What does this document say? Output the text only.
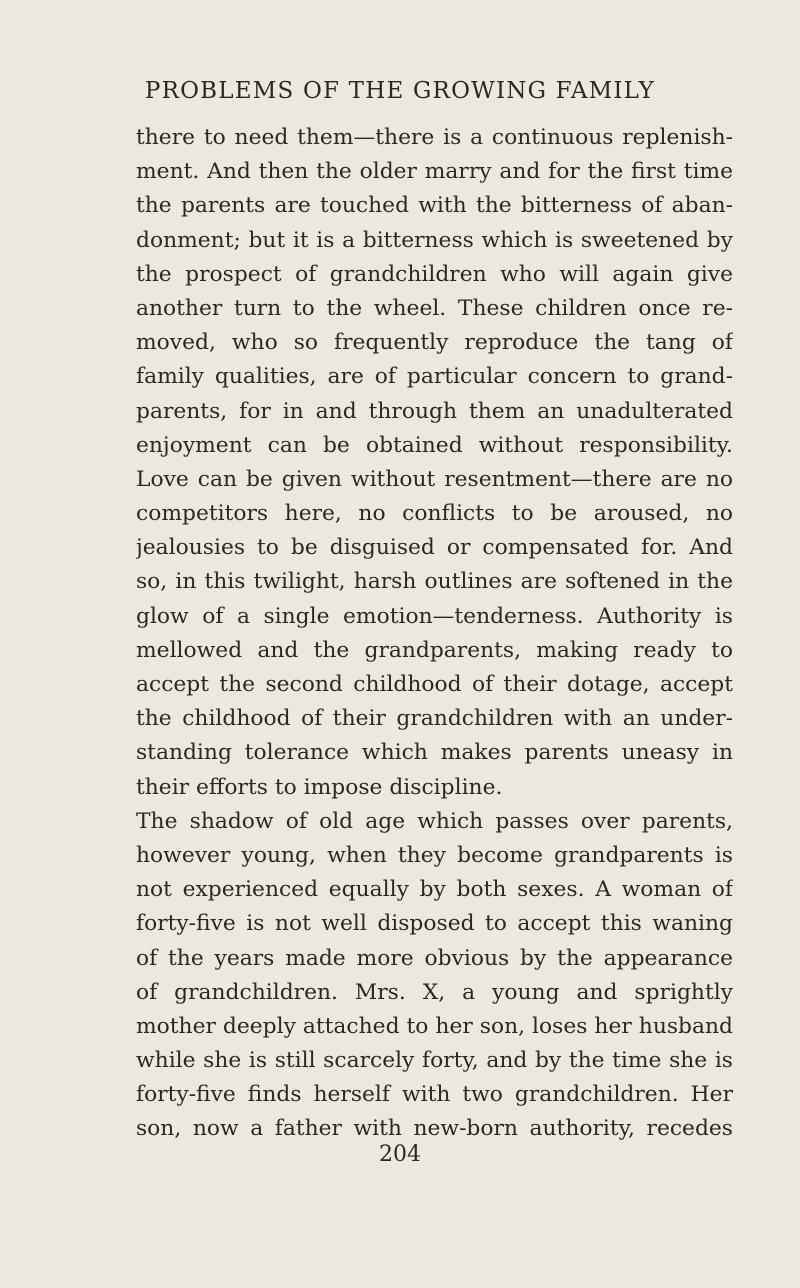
PROBLEMS OF THE GROWING FAMILY
there to need them—there is a continuous replenish-
ment. And then the older marry and for the first time
the parents are touched with the bitterness of aban-
donment; but it is a bitterness which is sweetened by
the prospect of grandchildren who will again give
another turn to the wheel. These children once re-
moved, who so frequently reproduce the tang of
family qualities, are of particular concern to grand-
parents, for in and through them an unadulterated
enjoyment can be obtained without responsibility.
Love can be given without resentment—there are no
competitors here, no conflicts to be aroused, no
jealousies to be disguised or compensated for. And
so, in this twilight, harsh outlines are softened in the
glow of a single emotion—tenderness. Authority is
mellowed and the grandparents, making ready to
accept the second childhood of their dotage, accept
the childhood of their grandchildren with an under-
standing tolerance which makes parents uneasy in
their efforts to impose discipline.
The shadow of old age which passes over parents,
however young, when they become grandparents is
not experienced equally by both sexes. A woman of
forty-five is not well disposed to accept this waning
of the years made more obvious by the appearance
of grandchildren. Mrs. X, a young and sprightly
mother deeply attached to her son, loses her husband
while she is still scarcely forty, and by the time she is
forty-five finds herself with two grandchildren. Her
son, now a father with new-born authority, recedes
204
